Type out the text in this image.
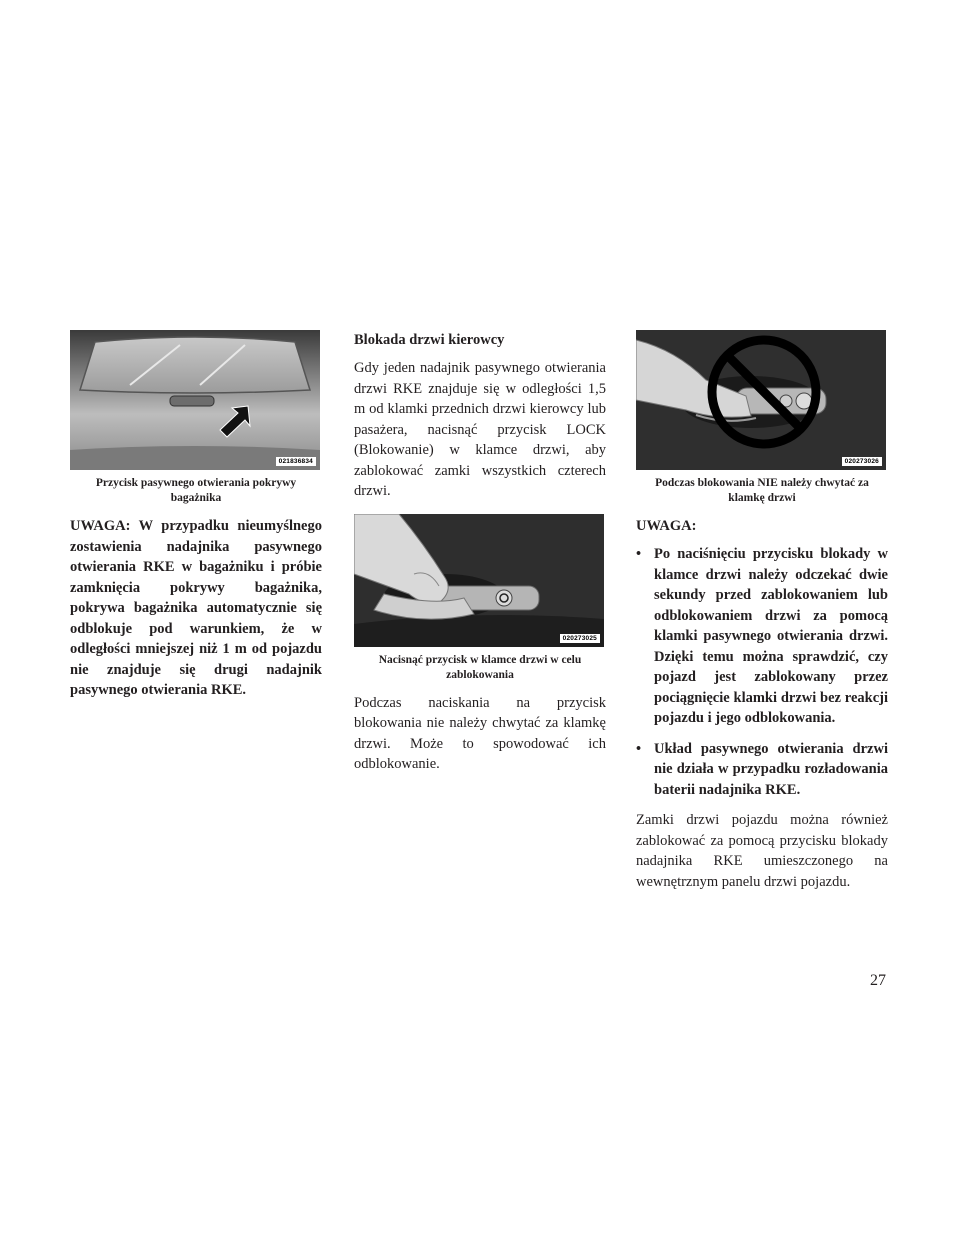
021836834
Przycisk pasywnego otwierania pokrywy bagażnika

UWAGA: W przypadku nieumyślnego zostawienia nadajnika pasywnego otwierania RKE w bagażniku i próbie zamknięcia pokrywy bagażnika, pokrywa bagażnika automatycznie się odblokuje pod warunkiem, że w odległości mniejszej niż 1 m od pojazdu nie znajduje się drugi nadajnik pasywnego otwierania RKE.

Blokada drzwi kierowcy

Gdy jeden nadajnik pasywnego otwierania drzwi RKE znajduje się w odległości 1,5 m od klamki przednich drzwi kierowcy lub pasażera, nacisnąć przycisk LOCK (Blokowanie) w klamce drzwi, aby zablokować zamki wszystkich czterech drzwi.

020273025
Nacisnąć przycisk w klamce drzwi w celu zablokowania

Podczas naciskania na przycisk blokowania nie należy chwytać za klamkę drzwi. Może to spowodować ich odblokowanie.

020273026
Podczas blokowania NIE należy chwytać za klamkę drzwi
UWAGA:
• Po naciśnięciu przycisku blokady w klamce drzwi należy odczekać dwie sekundy przed zablokowaniem lub odblokowaniem drzwi za pomocą klamki pasywnego otwierania drzwi. Dzięki temu można sprawdzić, czy pojazd jest zablokowany przez pociągnięcie klamki drzwi bez reakcji pojazdu i jego odblokowania.
• Układ pasywnego otwierania drzwi nie działa w przypadku rozładowania baterii nadajnika RKE.

Zamki drzwi pojazdu można również zablokować za pomocą przycisku blokady nadajnika RKE umieszczonego na wewnętrznym panelu drzwi pojazdu.

27
